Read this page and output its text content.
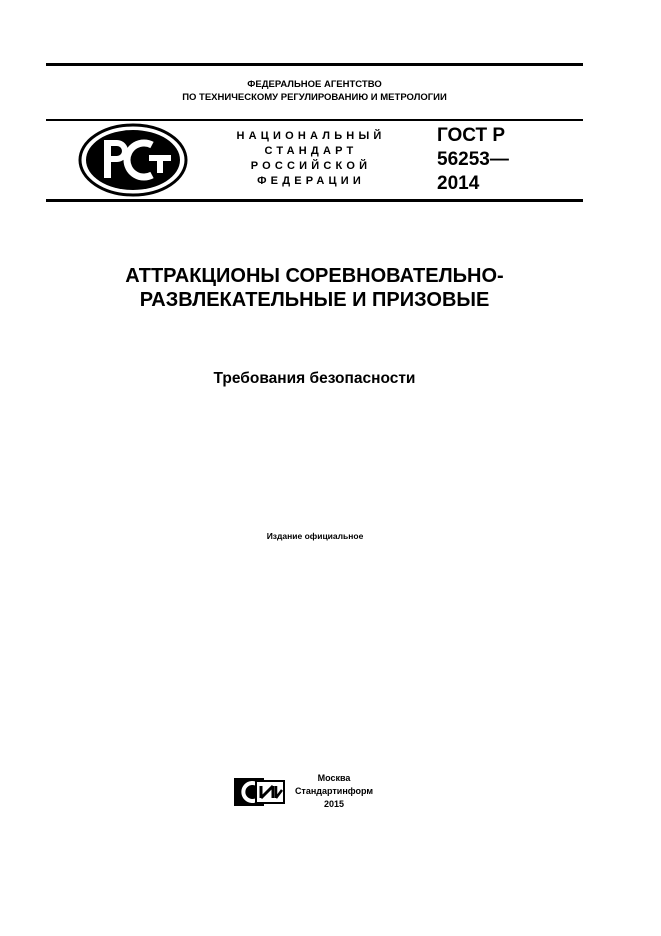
ФЕДЕРАЛЬНОЕ АГЕНТСТВО
ПО ТЕХНИЧЕСКОМУ РЕГУЛИРОВАНИЮ И МЕТРОЛОГИИ
НАЦИОНАЛЬНЫЙ
СТАНДАРТ
РОССИЙСКОЙ
ФЕДЕРАЦИИ
ГОСТ Р
56253—
2014
АТТРАКЦИОНЫ СОРЕВНОВАТЕЛЬНО-
РАЗВЛЕКАТЕЛЬНЫЕ И ПРИЗОВЫЕ
Требования безопасности
Издание официальное
Москва
Стандартинформ
2015
